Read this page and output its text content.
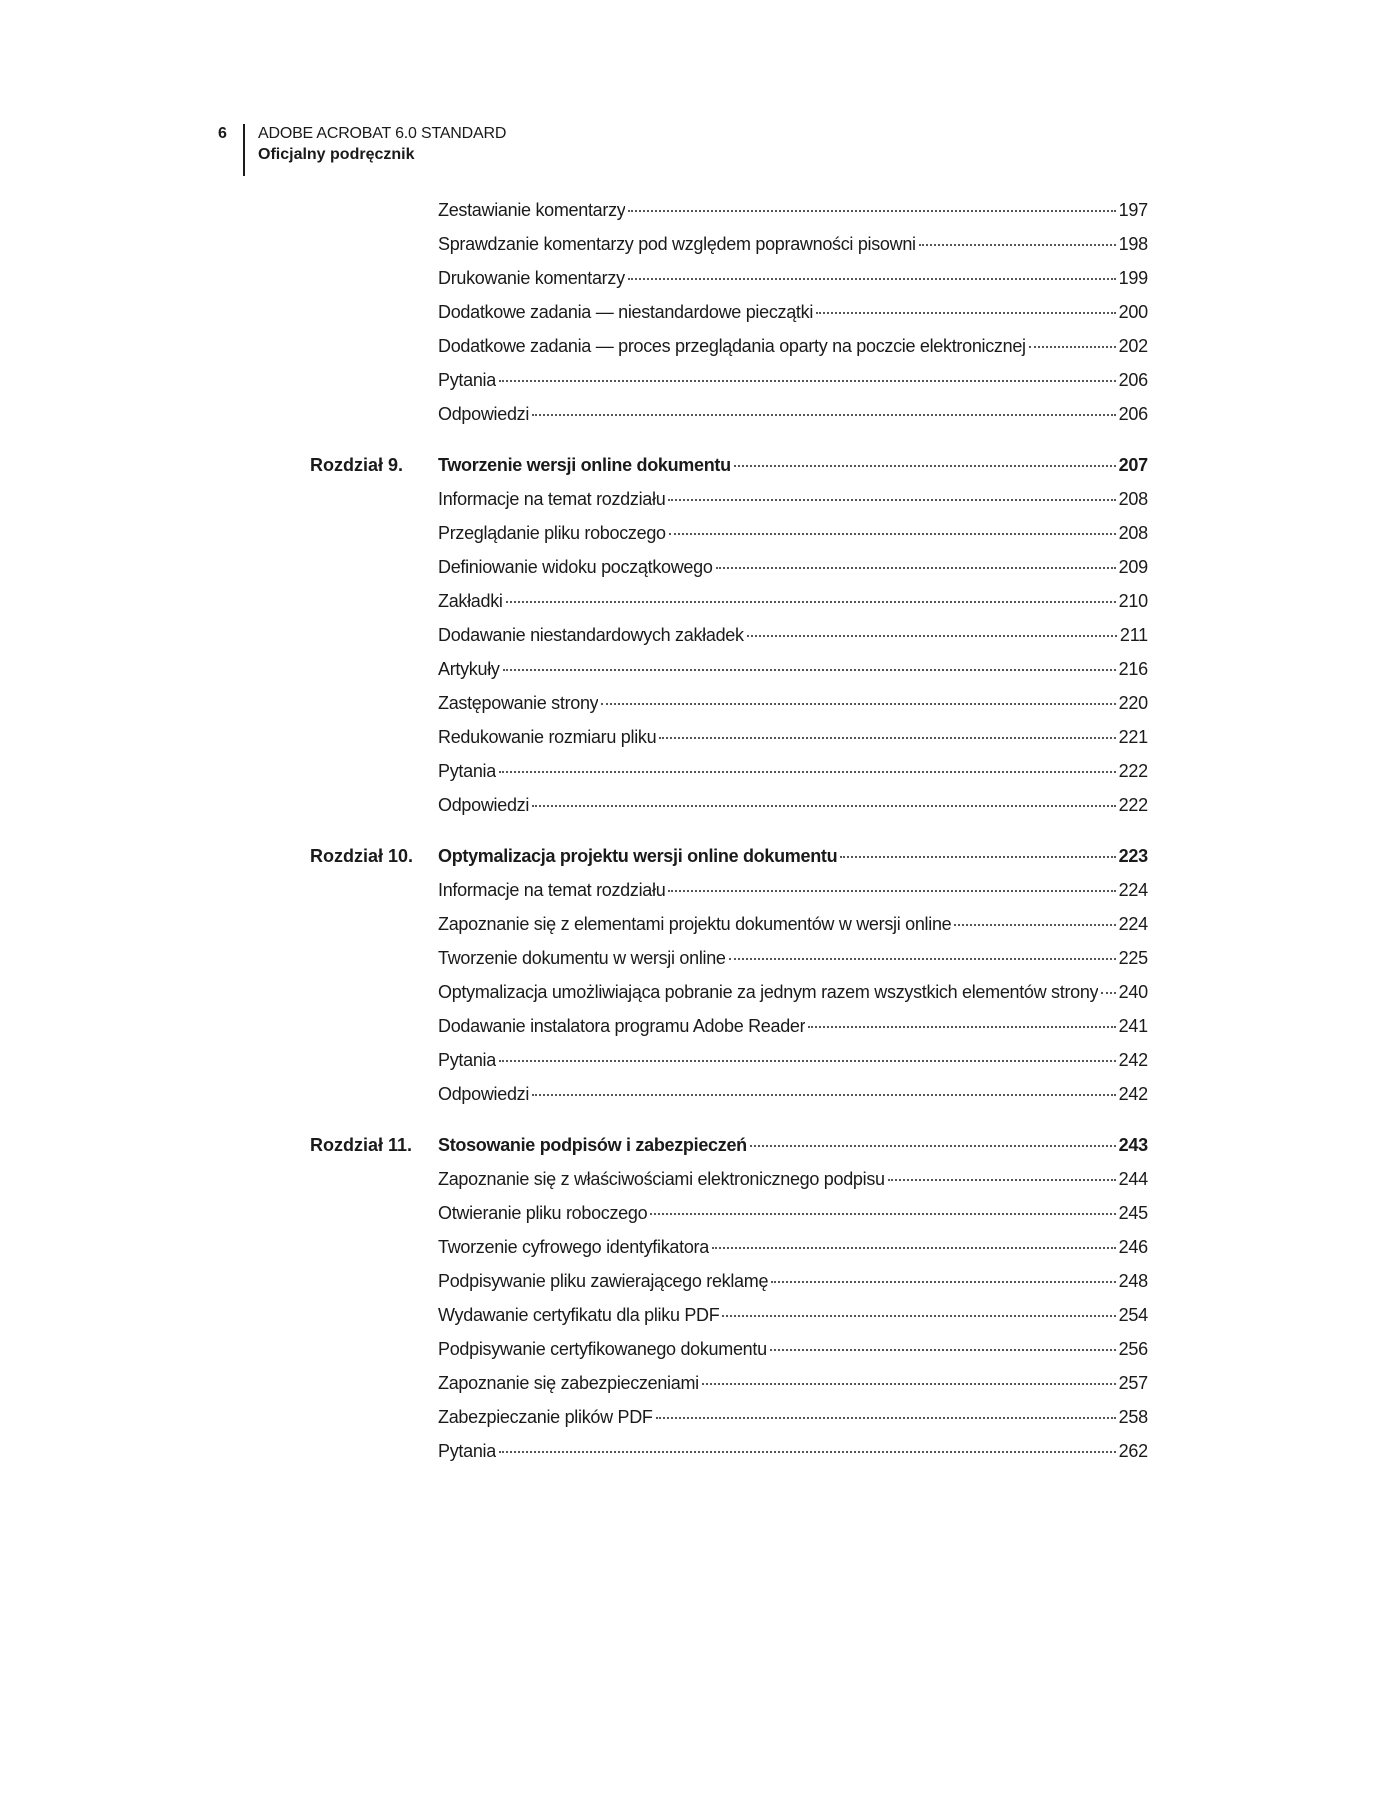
6	ADOBE ACROBAT 6.0 STANDARD
Oficjalny podręcznik
Zestawianie komentarzy	197
Sprawdzanie komentarzy pod względem poprawności pisowni	198
Drukowanie komentarzy	199
Dodatkowe zadania — niestandardowe pieczątki	200
Dodatkowe zadania — proces przeglądania oparty na poczcie elektronicznej	202
Pytania	206
Odpowiedzi	206
Rozdział 9.	Tworzenie wersji online dokumentu	207
Informacje na temat rozdziału	208
Przeglądanie pliku roboczego	208
Definiowanie widoku początkowego	209
Zakładki	210
Dodawanie niestandardowych zakładek	211
Artykuły	216
Zastępowanie strony	220
Redukowanie rozmiaru pliku	221
Pytania	222
Odpowiedzi	222
Rozdział 10.	Optymalizacja projektu wersji online dokumentu	223
Informacje na temat rozdziału	224
Zapoznanie się z elementami projektu dokumentów w wersji online	224
Tworzenie dokumentu w wersji online	225
Optymalizacja umożliwiająca pobranie za jednym razem wszystkich elementów strony 240
Dodawanie instalatora programu Adobe Reader	241
Pytania	242
Odpowiedzi	242
Rozdział 11.	Stosowanie podpisów i zabezpieczeń	243
Zapoznanie się z właściwościami elektronicznego podpisu	244
Otwieranie pliku roboczego	245
Tworzenie cyfrowego identyfikatora	246
Podpisywanie pliku zawierającego reklamę	248
Wydawanie certyfikatu dla pliku PDF	254
Podpisywanie certyfikowanego dokumentu	256
Zapoznanie się zabezpieczeniami	257
Zabezpieczanie plików PDF	258
Pytania	262
